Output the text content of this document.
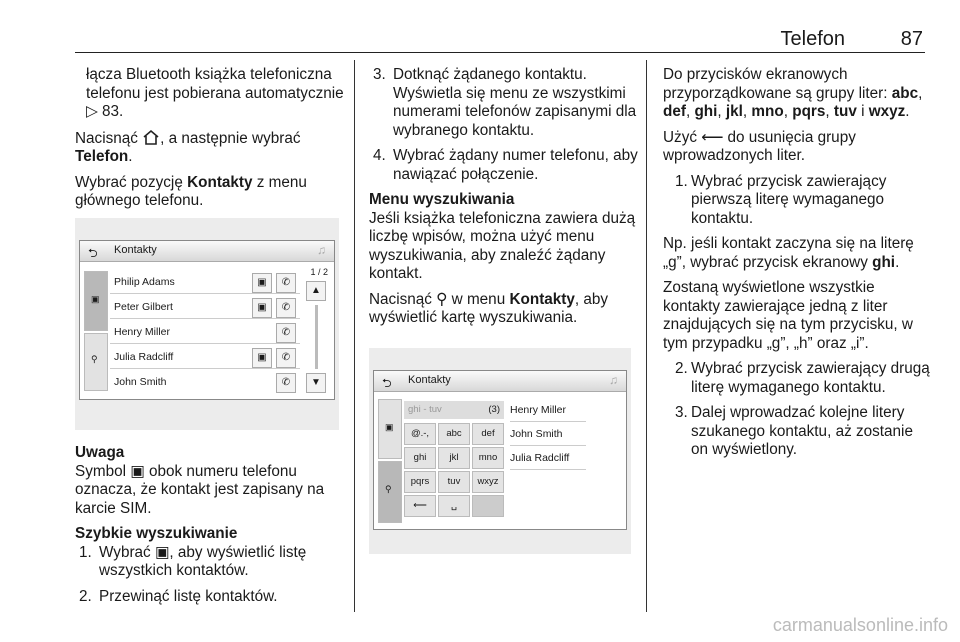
Telefon	87

łącza Bluetooth książka telefoniczna telefonu jest pobierana automatycznie ▷ 83.

Nacisnąć , a następnie wybrać Telefon.

Wybrać pozycję Kontakty z menu głównego telefonu.

⮌ Kontakty	♫
▣
⚲
Philip Adams	▣	✆
Peter Gilbert	▣	✆
Henry Miller	✆
Julia Radcliff	▣	✆
John Smith	✆
1 / 2
▲
▼

Uwaga

Symbol ▣ obok numeru telefonu oznacza, że kontakt jest zapisany na karcie SIM.

Szybkie wyszukiwanie

1. Wybrać ▣, aby wyświetlić listę wszystkich kontaktów.
2. Przewinąć listę kontaktów.
3. Dotknąć żądanego kontaktu. Wyświetla się menu ze wszystkimi numerami telefonów zapisanymi dla wybranego kontaktu.
4. Wybrać żądany numer telefonu, aby nawiązać połączenie.

Menu wyszukiwania

Jeśli książka telefoniczna zawiera dużą liczbę wpisów, można użyć menu wyszukiwania, aby znaleźć żądany kontakt.

Nacisnąć ⚲ w menu Kontakty, aby wyświetlić kartę wyszukiwania.

⮌ Kontakty	♫
▣
⚲
ghi - tuv	(3)
@.-,	abc	def
ghi	jkl	mno
pqrs	tuv	wxyz
⟵	␣
Henry Miller
John Smith
Julia Radcliff

Do przycisków ekranowych przyporządkowane są grupy liter: abc, def, ghi, jkl, mno, pqrs, tuv i wxyz.

Użyć ⟵ do usunięcia grupy wprowadzonych liter.

1. Wybrać przycisk zawierający pierwszą literę wymaganego kontaktu.

Np. jeśli kontakt zaczyna się na literę „g”, wybrać przycisk ekranowy ghi.

Zostaną wyświetlone wszystkie kontakty zawierające jedną z liter znajdujących się na tym przycisku, w tym przypadku „g”, „h” oraz „i”.

2. Wybrać przycisk zawierający drugą literę wymaganego kontaktu.
3. Dalej wprowadzać kolejne litery szukanego kontaktu, aż zostanie on wyświetlony.
carmanualsonline.info
